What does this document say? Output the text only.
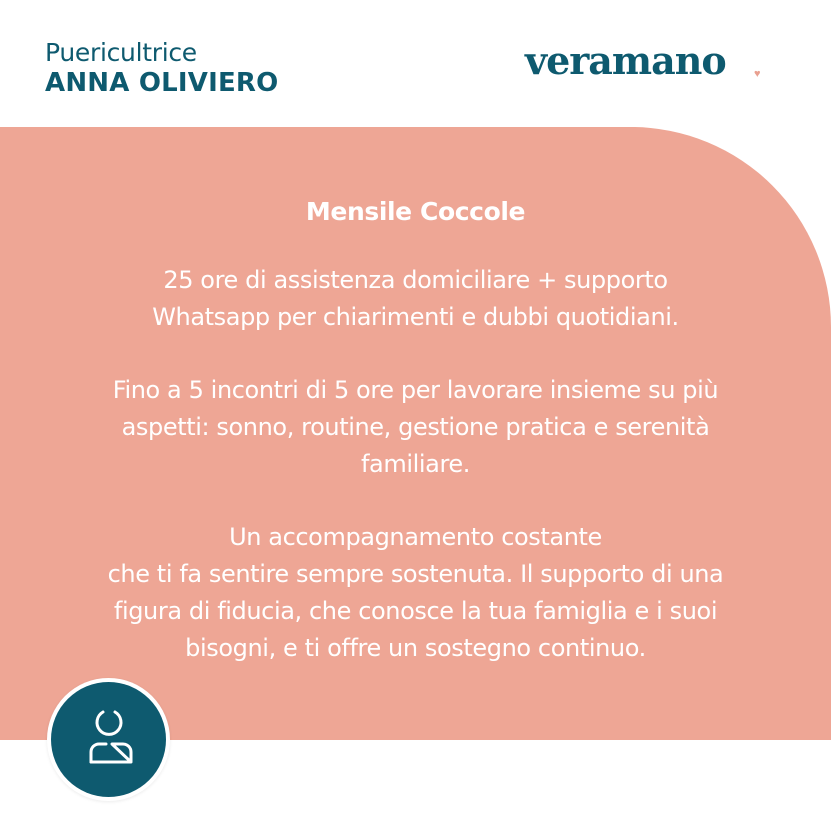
Puericultrice
ANNA OLIVIERO	veramano	♥
Mensile Coccole
25 ore di assistenza domiciliare + supporto
Whatsapp per chiarimenti e dubbi quotidiani.
Fino a 5 incontri di 5 ore per lavorare insieme su più
aspetti: sonno, routine, gestione pratica e serenità
familiare.
Un accompagnamento costante
che ti fa sentire sempre sostenuta. Il supporto di una
figura di fiducia, che conosce la tua famiglia e i suoi
bisogni, e ti offre un sostegno continuo.
